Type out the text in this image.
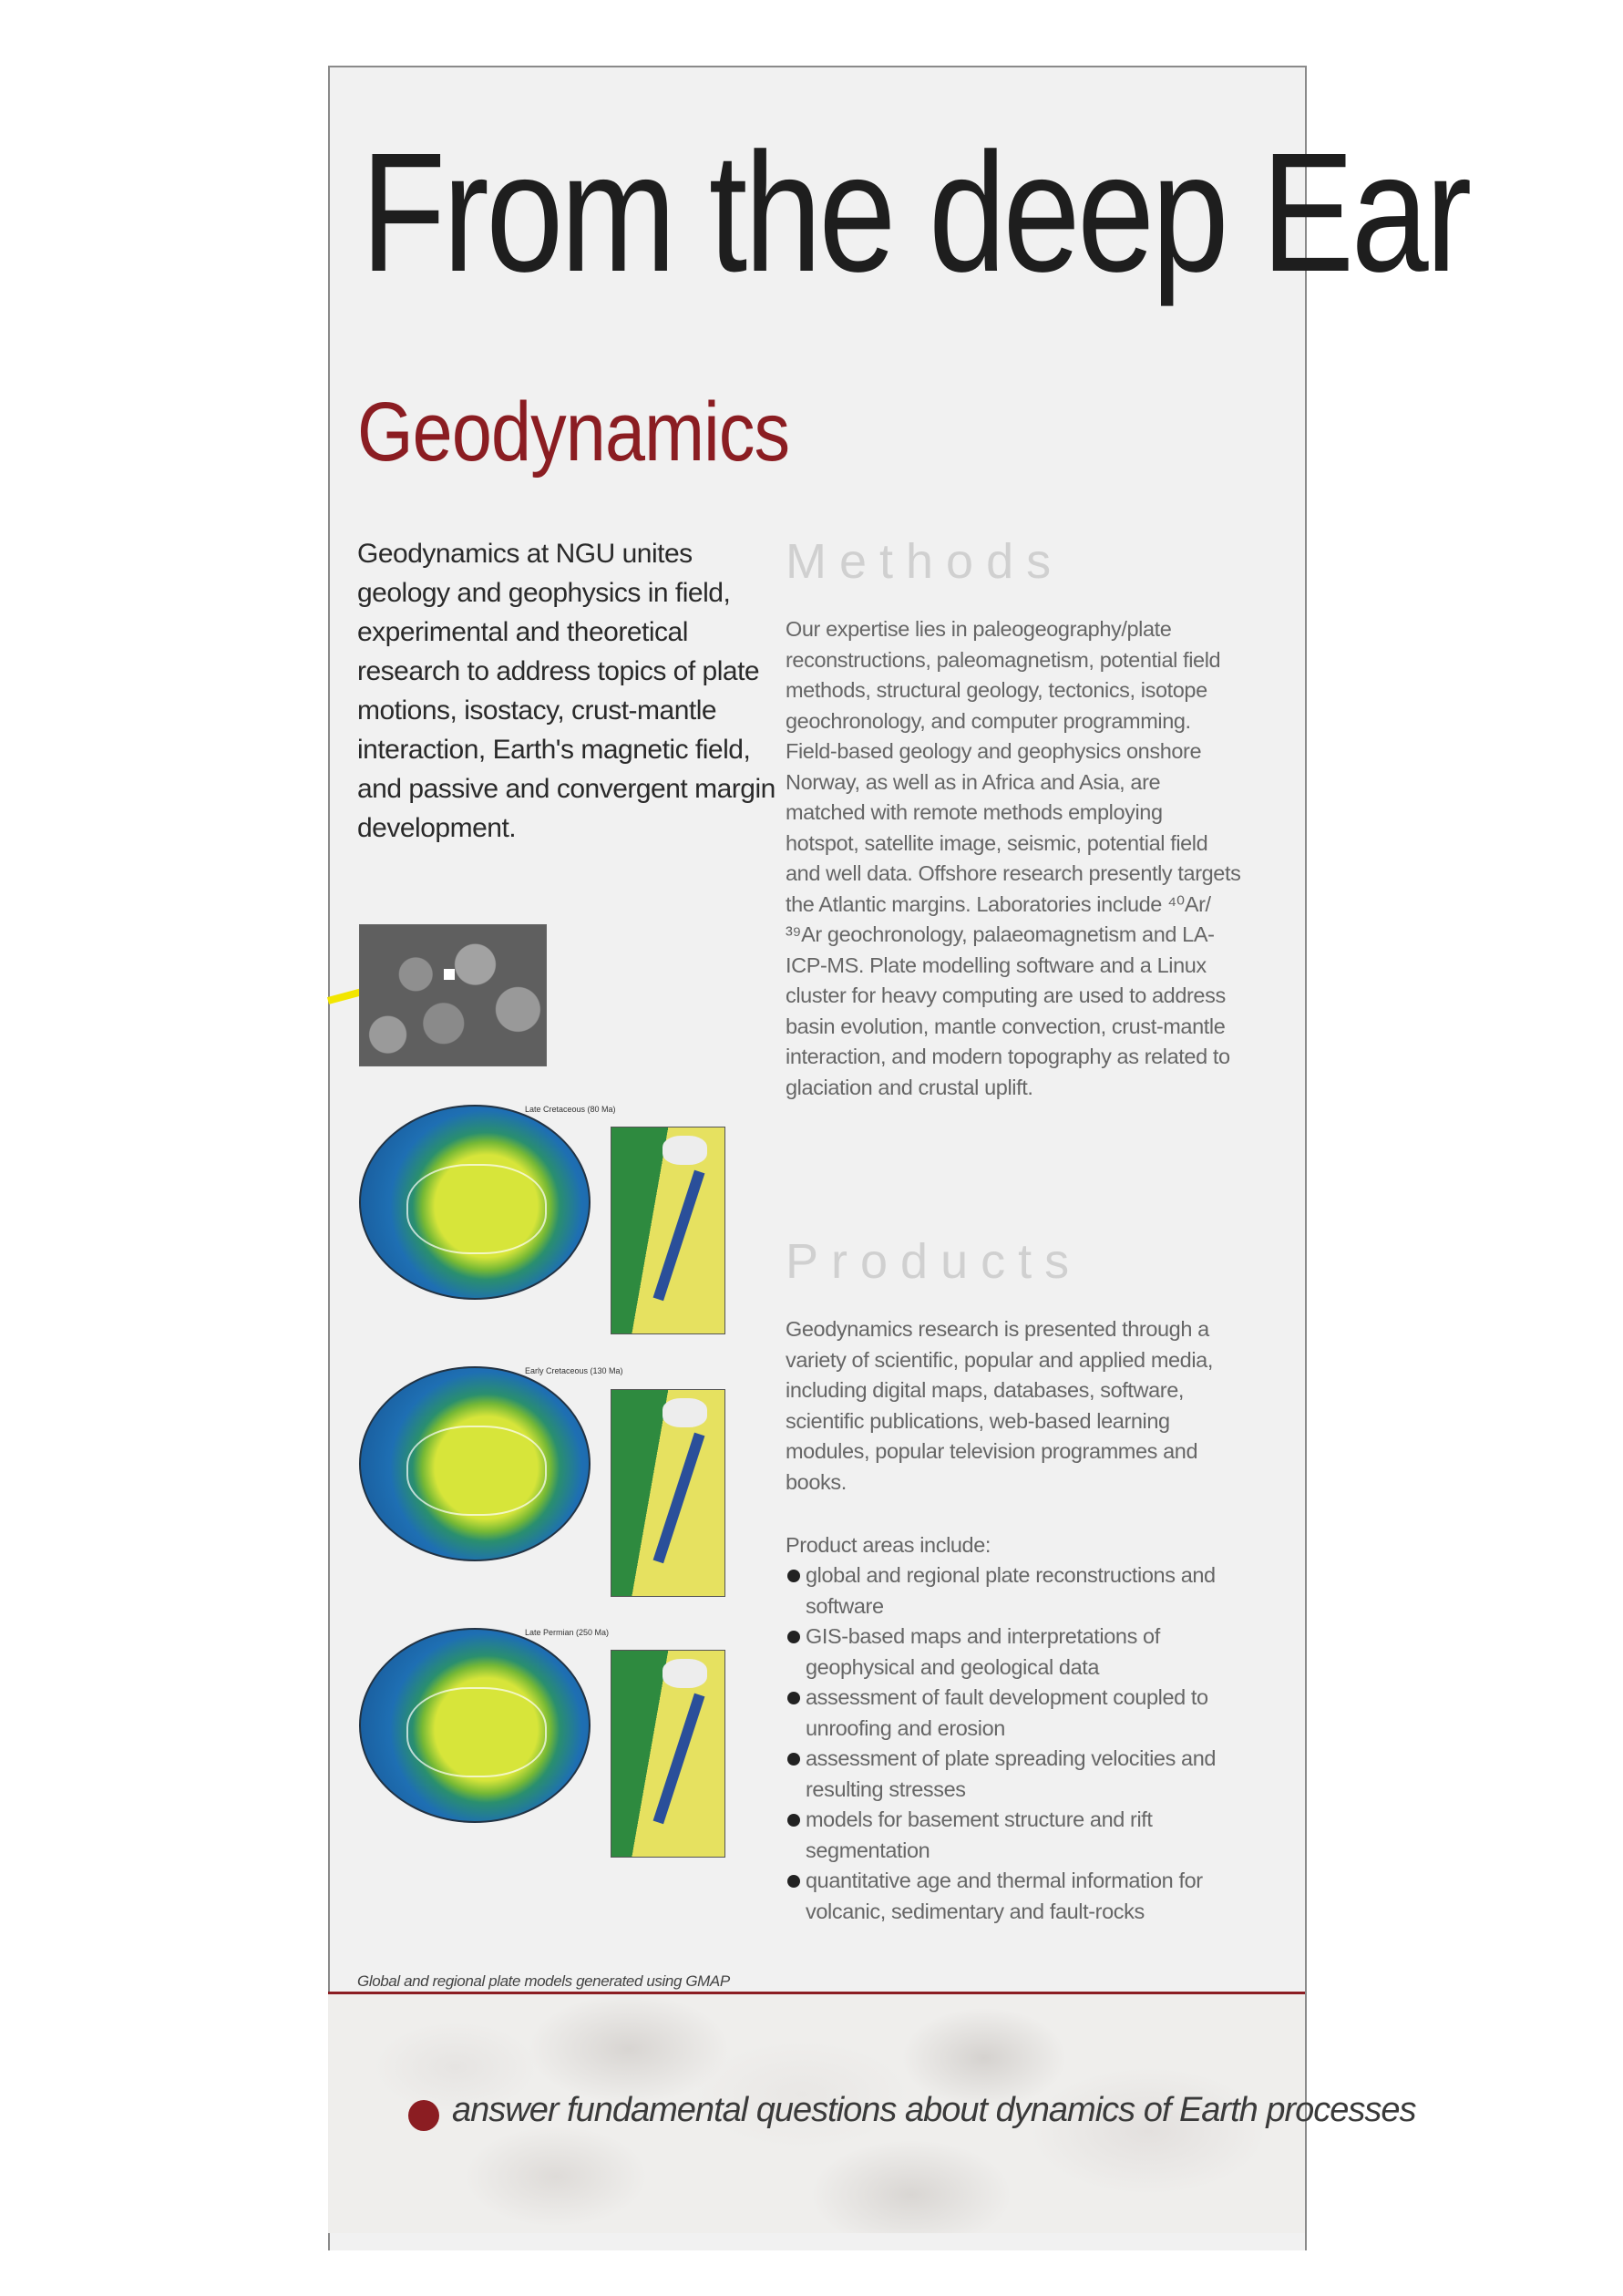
From the deep Ear
Geodynamics
Geodynamics at NGU unites geology and geophysics in field, experimental and theoretical research to address topics of plate motions, isostacy, crust-mantle interaction, Earth's magnetic field, and passive and convergent margin development.
Late Cretaceous (80 Ma)
Early Cretaceous (130 Ma)
Late Permian (250 Ma)
Global and regional plate models generated using GMAP
Methods
Our expertise lies in paleogeography/plate reconstructions, paleomagnetism, potential field methods, structural geology, tectonics, isotope geochronology, and computer programming. Field-based geology and geophysics onshore Norway, as well as in Africa and Asia, are matched with remote methods employing hotspot, satellite image, seismic, potential field and well data. Offshore research presently targets the Atlantic margins. Laboratories include ⁴⁰Ar/³⁹Ar geochronology, palaeomagnetism and LA-ICP-MS. Plate modelling software and a Linux cluster for heavy computing are used to address basin evolution, mantle convection, crust-mantle interaction, and modern topography as related to glaciation and crustal uplift.
Products
Geodynamics research is presented through a variety of scientific, popular and applied media, including digital maps, databases, software, scientific publications, web-based learning modules, popular television programmes and books.
Product areas include:
global and regional plate reconstructions and software
GIS-based maps and interpretations of geophysical and geological data
assessment of fault development coupled to unroofing and erosion
assessment of plate spreading velocities and resulting stresses
models for basement structure and rift segmentation
quantitative age and thermal information for volcanic, sedimentary and fault-rocks
answer fundamental questions about dynamics of Earth processes
